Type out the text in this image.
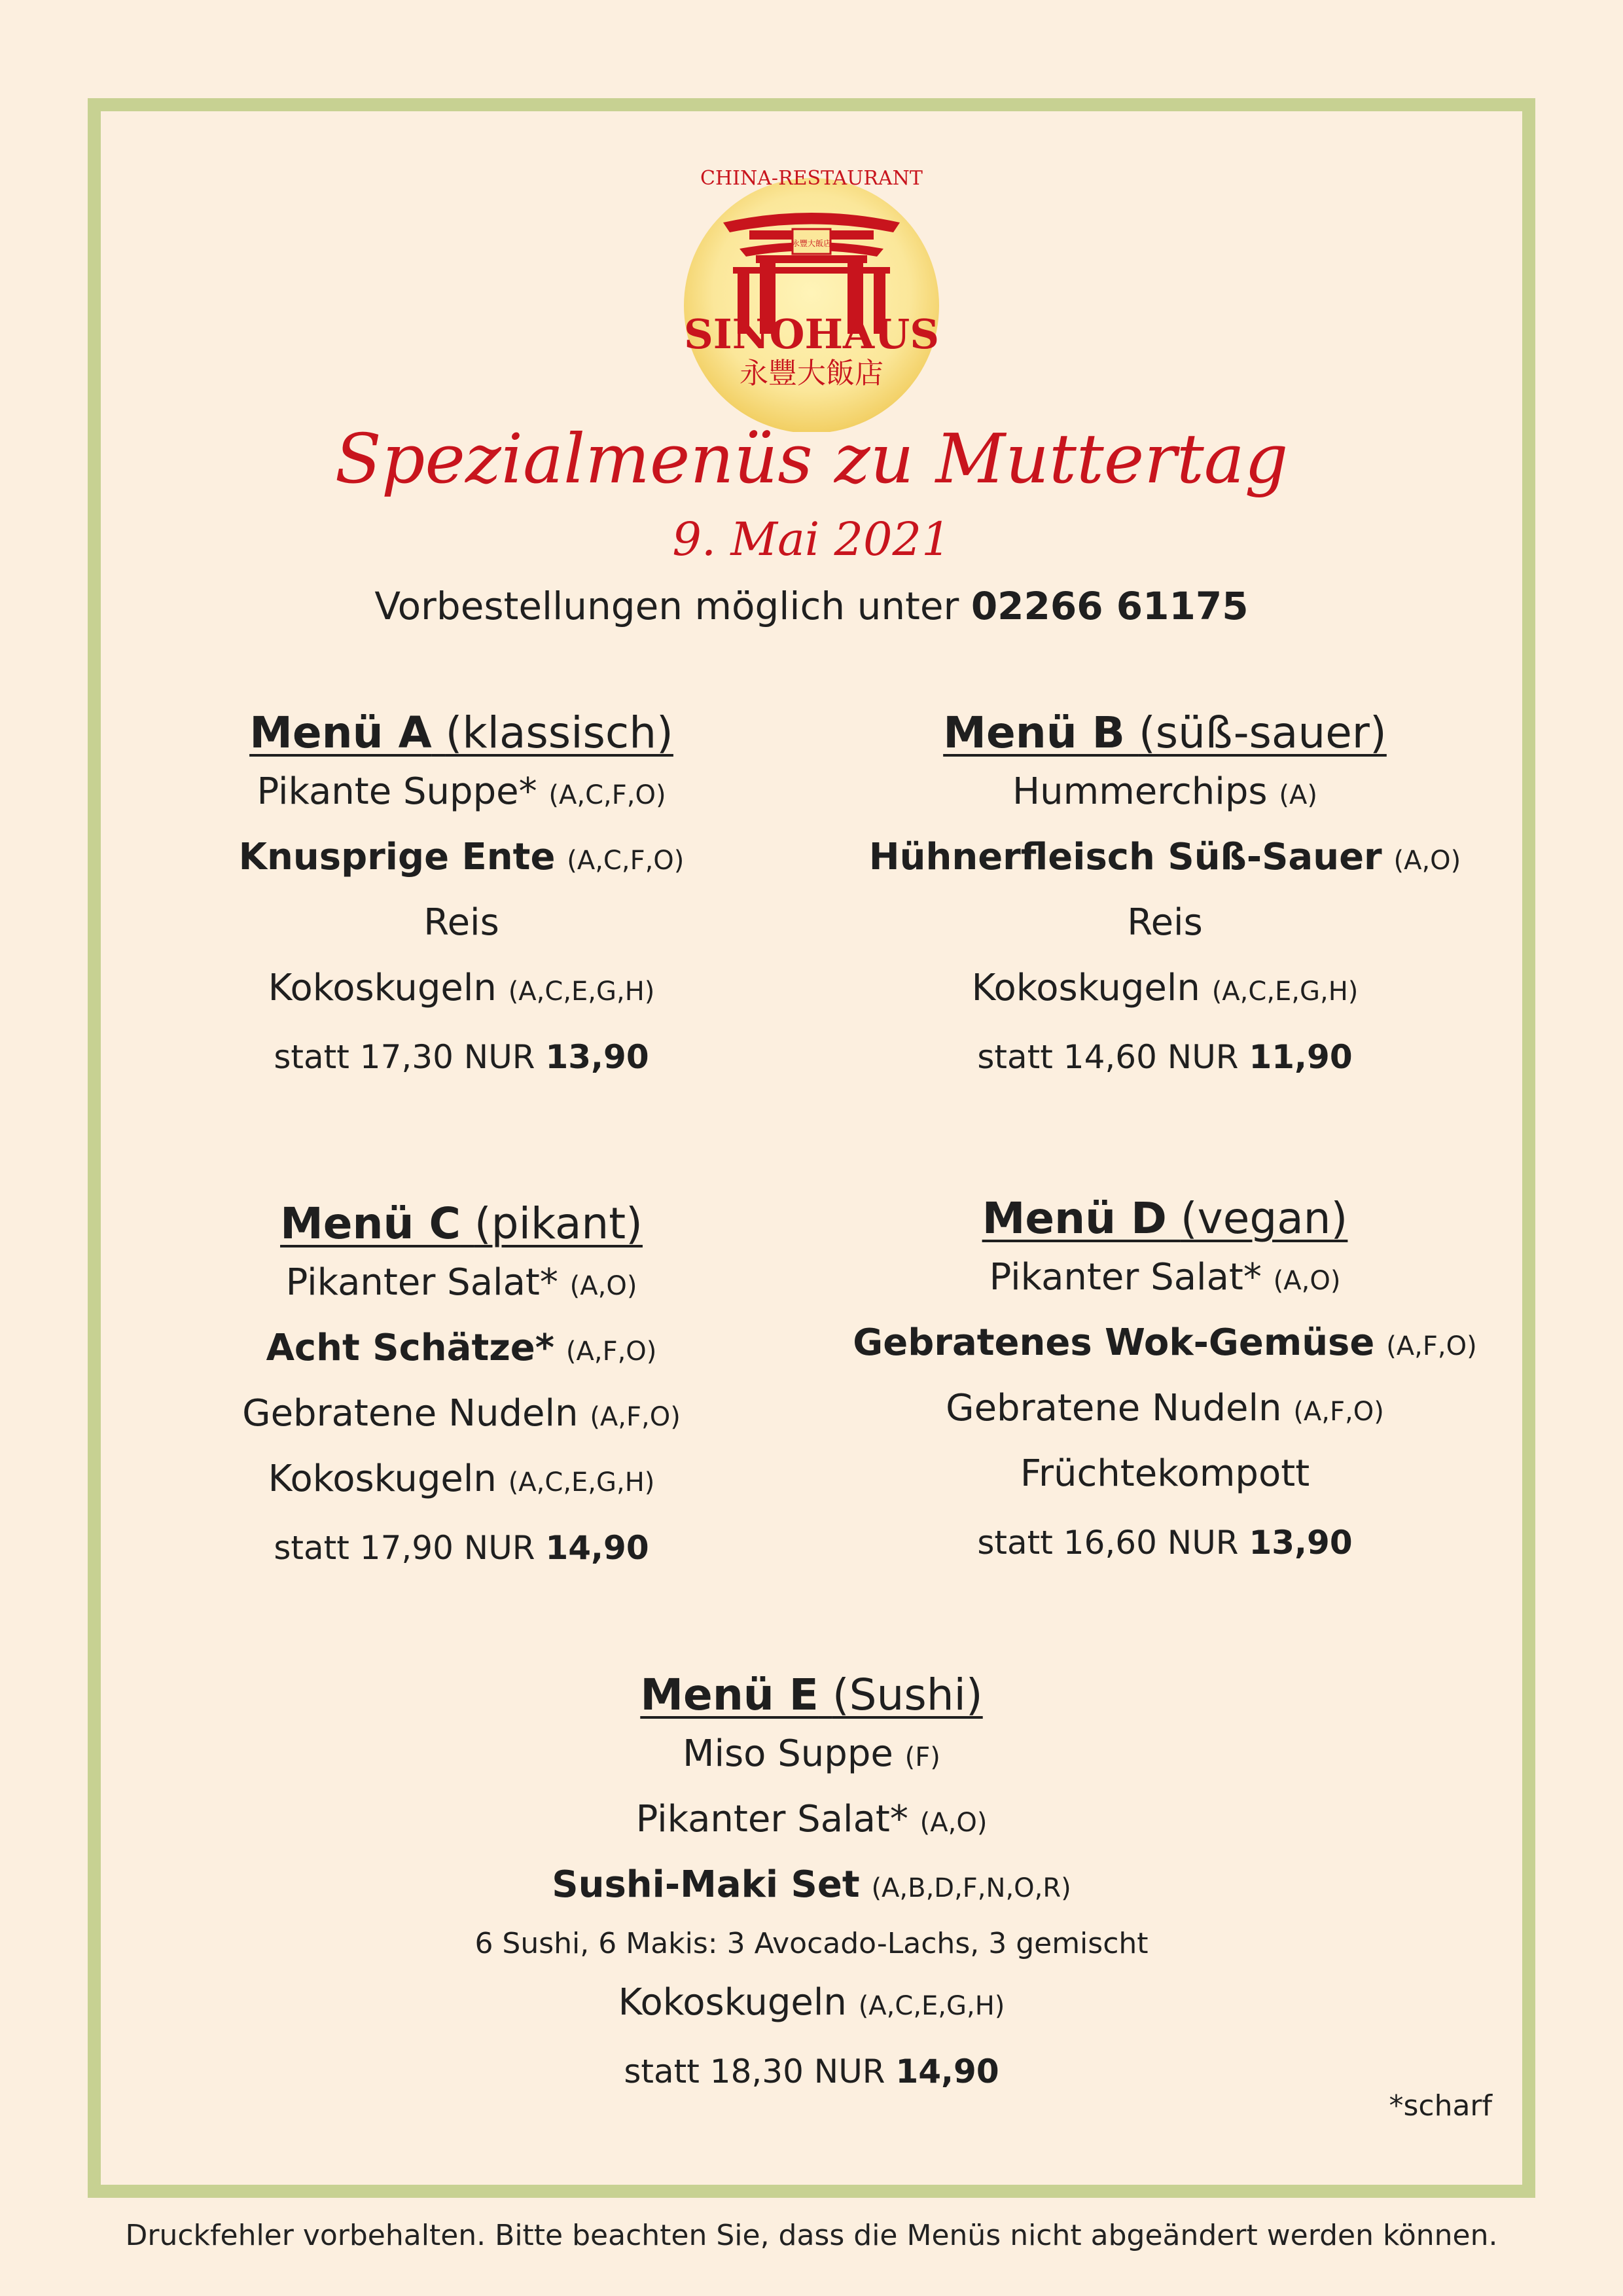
CHINA-RESTAURANT
永豐大飯店
SINOHAUS
永豐大飯店
Spezialmenüs zu Muttertag
9. Mai 2021
Vorbestellungen möglich unter 02266 61175
Menü A (klassisch)
Pikante Suppe* (A,C,F,O)
Knusprige Ente (A,C,F,O)
Reis
Kokoskugeln (A,C,E,G,H)
statt 17,30 NUR 13,90
Menü B (süß-sauer)
Hummerchips (A)
Hühnerfleisch Süß-Sauer (A,O)
Reis
Kokoskugeln (A,C,E,G,H)
statt 14,60 NUR 11,90
Menü C (pikant)
Pikanter Salat* (A,O)
Acht Schätze* (A,F,O)
Gebratene Nudeln (A,F,O)
Kokoskugeln (A,C,E,G,H)
statt 17,90 NUR 14,90
Menü D (vegan)
Pikanter Salat* (A,O)
Gebratenes Wok-Gemüse (A,F,O)
Gebratene Nudeln (A,F,O)
Früchtekompott
statt 16,60 NUR 13,90
Menü E (Sushi)
Miso Suppe (F)
Pikanter Salat* (A,O)
Sushi-Maki Set (A,B,D,F,N,O,R)
6 Sushi, 6 Makis: 3 Avocado-Lachs, 3 gemischt
Kokoskugeln (A,C,E,G,H)
statt 18,30 NUR 14,90
*scharf
Druckfehler vorbehalten. Bitte beachten Sie, dass die Menüs nicht abgeändert werden können.
